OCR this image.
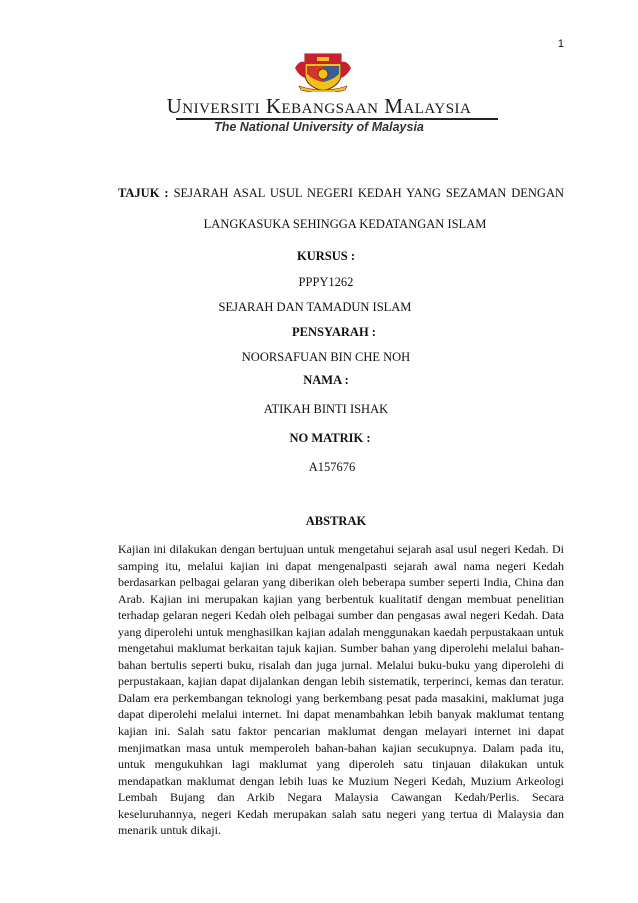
1
Universiti Kebangsaan Malaysia
The National University of Malaysia
TAJUK : SEJARAH ASAL USUL NEGERI KEDAH YANG SEZAMAN DENGAN
LANGKASUKA SEHINGGA KEDATANGAN ISLAM
KURSUS :
PPPY1262
SEJARAH DAN TAMADUN ISLAM
PENSYARAH :
NOORSAFUAN BIN CHE NOH
NAMA :
ATIKAH BINTI ISHAK
NO MATRIK :
A157676
ABSTRAK
Kajian ini dilakukan dengan bertujuan untuk mengetahui sejarah asal usul negeri Kedah. Di samping itu, melalui kajian ini dapat mengenalpasti sejarah awal nama negeri Kedah berdasarkan pelbagai gelaran yang diberikan oleh beberapa sumber seperti India, China dan Arab. Kajian ini merupakan kajian yang berbentuk kualitatif dengan membuat penelitian terhadap gelaran negeri Kedah oleh pelbagai sumber dan pengasas awal negeri Kedah. Data yang diperolehi untuk menghasilkan kajian adalah menggunakan kaedah perpustakaan untuk mengetahui maklumat berkaitan tajuk kajian. Sumber bahan yang diperolehi melalui bahan-bahan bertulis seperti buku, risalah dan juga jurnal. Melalui buku-buku yang diperolehi di perpustakaan, kajian dapat dijalankan dengan lebih sistematik, terperinci, kemas dan teratur. Dalam era perkembangan teknologi yang berkembang pesat pada masakini, maklumat juga dapat diperolehi melalui internet. Ini dapat menambahkan lebih banyak maklumat tentang kajian ini. Salah satu faktor pencarian maklumat dengan melayari internet ini dapat menjimatkan masa untuk memperoleh bahan-bahan kajian secukupnya. Dalam pada itu, untuk mengukuhkan lagi maklumat yang diperoleh satu tinjauan dilakukan untuk mendapatkan maklumat dengan lebih luas ke Muzium Negeri Kedah, Muzium Arkeologi Lembah Bujang dan Arkib Negara Malaysia Cawangan Kedah/Perlis. Secara keseluruhannya, negeri Kedah merupakan salah satu negeri yang tertua di Malaysia dan menarik untuk dikaji.
